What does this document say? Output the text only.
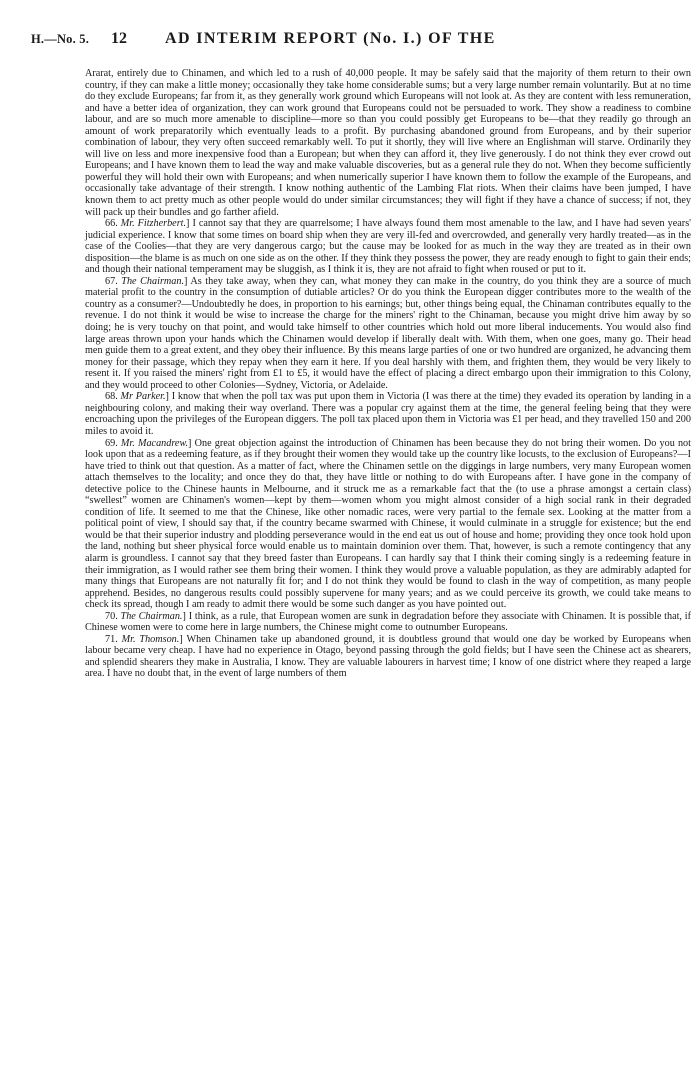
H.—No. 5. 12 AD INTERIM REPORT (No. I.) OF THE

Ararat, entirely due to Chinamen, and which led to a rush of 40,000 people. It may be safely said that the majority of them return to their own country, if they can make a little money; occasionally they take home considerable sums; but a very large number remain voluntarily. But at no time do they exclude Europeans; far from it, as they generally work ground which Europeans will not look at. As they are content with less remuneration, and have a better idea of organization, they can work ground that Europeans could not be persuaded to work. They show a readiness to combine labour, and are so much more amenable to discipline—more so than you could possibly get Europeans to be—that they readily go through an amount of work preparatorily which eventually leads to a profit. By purchasing abandoned ground from Europeans, and by their superior combination of labour, they very often succeed remarkably well. To put it shortly, they will live where an Englishman will starve. Ordinarily they will live on less and more inexpensive food than a European; but when they can afford it, they live generously. I do not think they ever crowd out Europeans; and I have known them to lead the way and make valuable discoveries, but as a general rule they do not. When they become sufficiently powerful they will hold their own with Europeans; and when numerically superior I have known them to follow the example of the Europeans, and occasionally take advantage of their strength. I know nothing authentic of the Lambing Flat riots. When their claims have been jumped, I have known them to act pretty much as other people would do under similar circumstances; they will fight if they have a chance of success; if not, they will pack up their bundles and go farther afield.

66. Mr. Fitzherbert.] I cannot say that they are quarrelsome; I have always found them most amenable to the law, and I have had seven years' judicial experience. I know that some times on board ship when they are very ill-fed and overcrowded, and generally very hardly treated—as in the case of the Coolies—that they are very dangerous cargo; but the cause may be looked for as much in the way they are treated as in their own disposition—the blame is as much on one side as on the other. If they think they possess the power, they are ready enough to fight to gain their ends; and though their national temperament may be sluggish, as I think it is, they are not afraid to fight when roused or put to it.

67. The Chairman.] As they take away, when they can, what money they can make in the country, do you think they are a source of much material profit to the country in the consumption of dutiable articles? Or do you think the European digger contributes more to the wealth of the country as a consumer?—Undoubtedly he does, in proportion to his earnings; but, other things being equal, the Chinaman contributes equally to the revenue. I do not think it would be wise to increase the charge for the miners' right to the Chinaman, because you might drive him away by so doing; he is very touchy on that point, and would take himself to other countries which hold out more liberal inducements. You would also find large areas thrown upon your hands which the Chinamen would develop if liberally dealt with. With them, when one goes, many go. Their head men guide them to a great extent, and they obey their influence. By this means large parties of one or two hundred are organized, he advancing them money for their passage, which they repay when they earn it here. If you deal harshly with them, and frighten them, they would be very likely to resent it. If you raised the miners' right from £1 to £5, it would have the effect of placing a direct embargo upon their immigration to this Colony, and they would proceed to other Colonies—Sydney, Victoria, or Adelaide.

68. Mr Parker.] I know that when the poll tax was put upon them in Victoria (I was there at the time) they evaded its operation by landing in a neighbouring colony, and making their way overland. There was a popular cry against them at the time, the general feeling being that they were encroaching upon the privileges of the European diggers. The poll tax placed upon them in Victoria was £1 per head, and they travelled 150 and 200 miles to avoid it.

69. Mr. Macandrew.] One great objection against the introduction of Chinamen has been because they do not bring their women. Do you not look upon that as a redeeming feature, as if they brought their women they would take up the country like locusts, to the exclusion of Europeans?—I have tried to think out that question. As a matter of fact, where the Chinamen settle on the diggings in large numbers, very many European women attach themselves to the locality; and once they do that, they have little or nothing to do with Europeans after. I have gone in the company of detective police to the Chinese haunts in Melbourne, and it struck me as a remarkable fact that the (to use a phrase amongst a certain class) “swellest” women are Chinamen's women—kept by them—women whom you might almost consider of a high social rank in their degraded condition of life. It seemed to me that the Chinese, like other nomadic races, were very partial to the female sex. Looking at the matter from a political point of view, I should say that, if the country became swarmed with Chinese, it would culminate in a struggle for existence; but the end would be that their superior industry and plodding perseverance would in the end eat us out of house and home; providing they once took hold upon the land, nothing but sheer physical force would enable us to maintain dominion over them. That, however, is such a remote contingency that any alarm is groundless. I cannot say that they breed faster than Europeans. I can hardly say that I think their coming singly is a redeeming feature in their immigration, as I would rather see them bring their women. I think they would prove a valuable population, as they are admirably adapted for many things that Europeans are not naturally fit for; and I do not think they would be found to clash in the way of competition, as many people apprehend. Besides, no dangerous results could possibly supervene for many years; and as we could perceive its growth, we could take means to check its spread, though I am ready to admit there would be some such danger as you have pointed out.

70. The Chairman.] I think, as a rule, that European women are sunk in degradation before they associate with Chinamen. It is possible that, if Chinese women were to come here in large numbers, the Chinese might come to outnumber Europeans.

71. Mr. Thomson.] When Chinamen take up abandoned ground, it is doubtless ground that would one day be worked by Europeans when labour became very cheap. I have had no experience in Otago, beyond passing through the gold fields; but I have seen the Chinese act as shearers, and splendid shearers they make in Australia, I know. They are valuable labourers in harvest time; I know of one district where they reaped a large area. I have no doubt that, in the event of large numbers of them
